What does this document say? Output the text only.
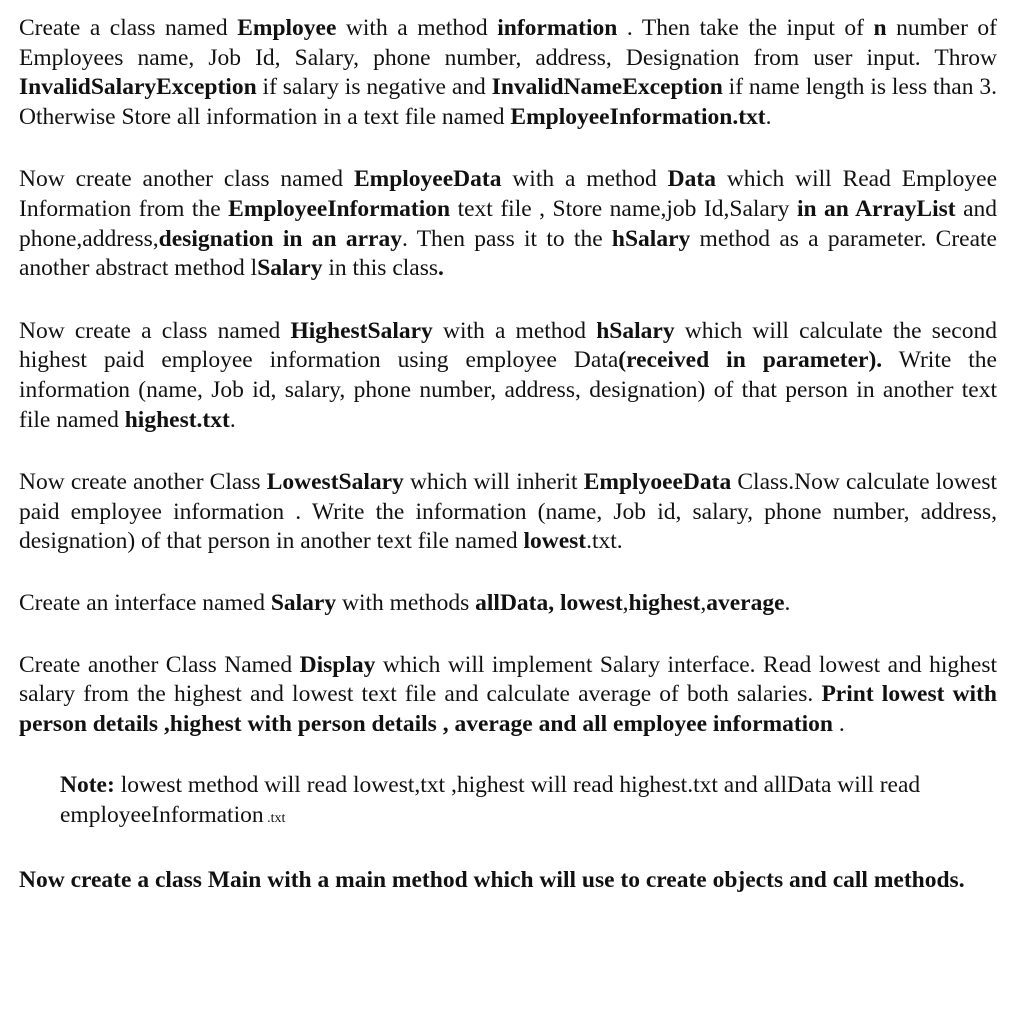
Create a class named Employee with a method information . Then take the input of n number of Employees name, Job Id, Salary, phone number, address, Designation from user input. Throw InvalidSalaryException if salary is negative and InvalidNameException if name length is less than 3. Otherwise Store all information in a text file named EmployeeInformation.txt.

Now create another class named EmployeeData with a method Data which will Read Employee Information from the EmployeeInformation text file , Store name,job Id,Salary in an ArrayList and phone,address,designation in an array. Then pass it to the hSalary method as a parameter. Create another abstract method lSalary in this class.

Now create a class named HighestSalary with a method hSalary which will calculate the second highest paid employee information using employee Data(received in parameter). Write the information (name, Job id, salary, phone number, address, designation) of that person in another text file named highest.txt.

Now create another Class LowestSalary which will inherit EmplyoeeData Class.Now calculate lowest paid employee information . Write the information (name, Job id, salary, phone number, address, designation) of that person in another text file named lowest.txt.

Create an interface named Salary with methods allData, lowest,highest,average.

Create another Class Named Display which will implement Salary interface. Read lowest and highest salary from the highest and lowest text file and calculate average of both salaries. Print lowest with person details ,highest with person details , average and all employee information .

Note: lowest method will read lowest,txt ,highest will read highest.txt and allData will read employeeInformation .txt

Now create a class Main with a main method which will use to create objects and call methods.
